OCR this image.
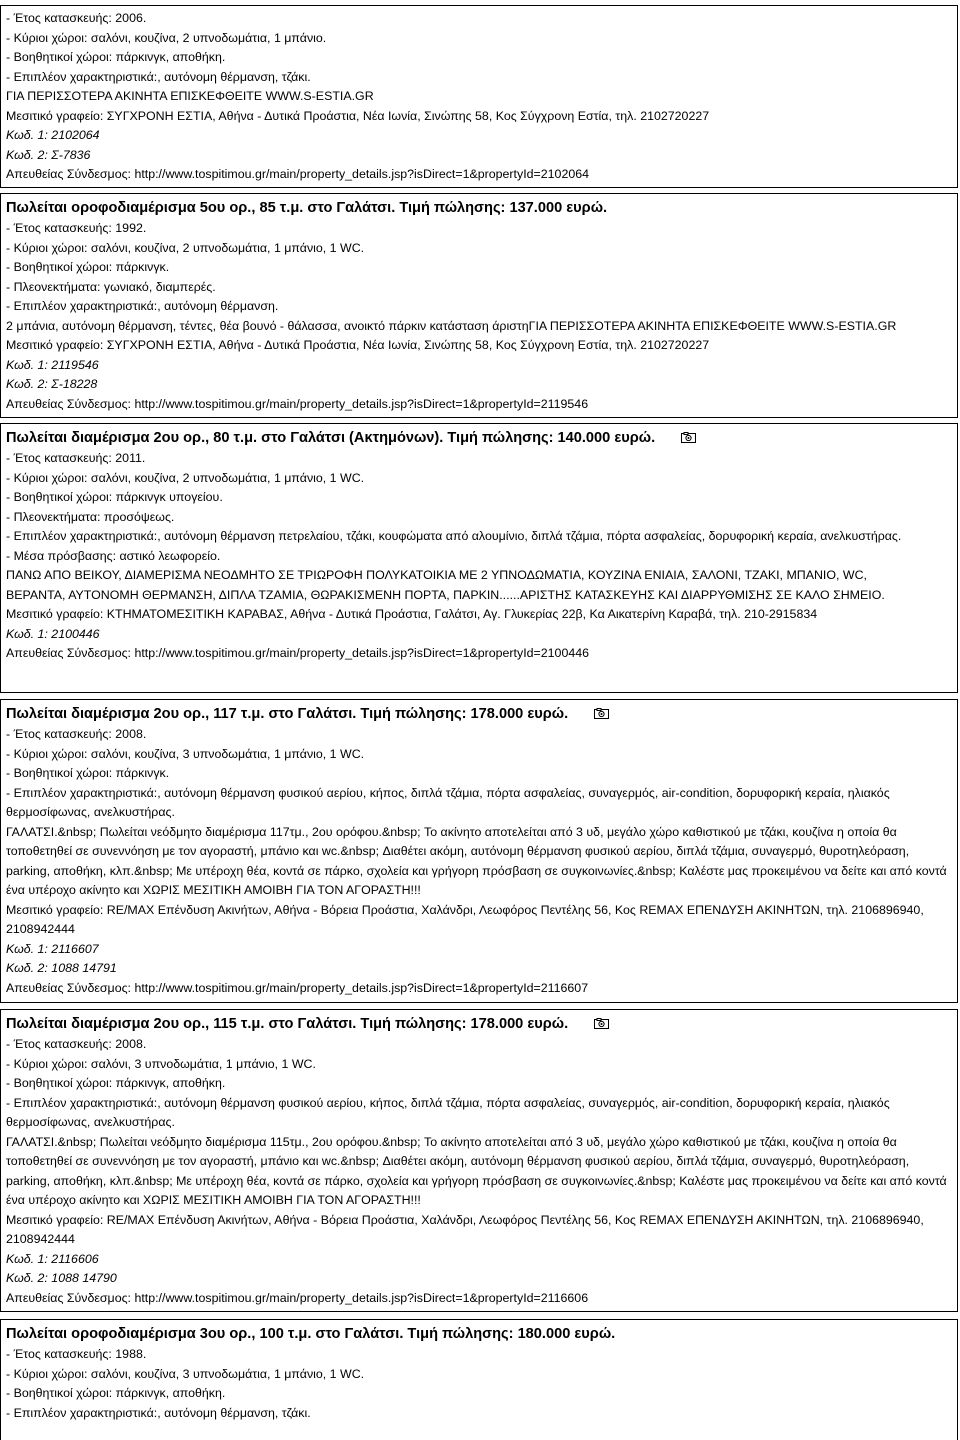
- Έτος κατασκευής: 2006.
- Κύριοι χώροι: σαλόνι, κουζίνα, 2 υπνοδωμάτια, 1 μπάνιο.
- Βοηθητικοί χώροι: πάρκινγκ, αποθήκη.
- Επιπλέον χαρακτηριστικά:, αυτόνομη θέρμανση, τζάκι.
ΓΙΑ ΠΕΡΙΣΣΟΤΕΡΑ ΑΚΙΝΗΤΑ ΕΠΙΣΚΕΦΘΕΙΤΕ WWW.S-ESTIA.GR
Μεσιτικό γραφείο: ΣΥΓΧΡΟΝΗ ΕΣΤΙΑ, Αθήνα - Δυτικά Προάστια, Νέα Ιωνία, Σινώπης 58, Κος Σύγχρονη Εστία, τηλ. 2102720227
Κωδ. 1: 2102064
Κωδ. 2: Σ-7836
Απευθείας Σύνδεσμος: http://www.tospitimou.gr/main/property_details.jsp?isDirect=1&propertyId=2102064
Πωλείται οροφοδιαμέρισμα 5ου ορ., 85 τ.μ. στο Γαλάτσι. Τιμή πώλησης: 137.000 ευρώ.
- Έτος κατασκευής: 1992.
- Κύριοι χώροι: σαλόνι, κουζίνα, 2 υπνοδωμάτια, 1 μπάνιο, 1 WC.
- Βοηθητικοί χώροι: πάρκινγκ.
- Πλεονεκτήματα: γωνιακό, διαμπερές.
- Επιπλέον χαρακτηριστικά:, αυτόνομη θέρμανση.
2 μπάνια, αυτόνομη θέρμανση, τέντες, θέα βουνό - θάλασσα, ανοικτό πάρκιν κατάσταση άριστηΓΙΑ ΠΕΡΙΣΣΟΤΕΡΑ ΑΚΙΝΗΤΑ ΕΠΙΣΚΕΦΘΕΙΤΕ WWW.S-ESTIA.GR
Μεσιτικό γραφείο: ΣΥΓΧΡΟΝΗ ΕΣΤΙΑ, Αθήνα - Δυτικά Προάστια, Νέα Ιωνία, Σινώπης 58, Κος Σύγχρονη Εστία, τηλ. 2102720227
Κωδ. 1: 2119546
Κωδ. 2: Σ-18228
Απευθείας Σύνδεσμος: http://www.tospitimou.gr/main/property_details.jsp?isDirect=1&propertyId=2119546
Πωλείται διαμέρισμα 2ου ορ., 80 τ.μ. στο Γαλάτσι (Ακτημόνων). Τιμή πώλησης: 140.000 ευρώ.
- Έτος κατασκευής: 2011.
- Κύριοι χώροι: σαλόνι, κουζίνα, 2 υπνοδωμάτια, 1 μπάνιο, 1 WC.
- Βοηθητικοί χώροι: πάρκινγκ υπογείου.
- Πλεονεκτήματα: προσόψεως.
- Επιπλέον χαρακτηριστικά:, αυτόνομη θέρμανση πετρελαίου, τζάκι, κουφώματα από αλουμίνιο, διπλά τζάμια, πόρτα ασφαλείας, δορυφορική κεραία, ανελκυστήρας.
- Μέσα πρόσβασης: αστικό λεωφορείο.
ΠΑΝΩ ΑΠΟ ΒΕΙΚΟΥ, ΔΙΑΜΕΡΙΣΜΑ ΝΕΟΔΜΗΤΟ ΣΕ ΤΡΙΩΡΟΦΗ ΠΟΛΥΚΑΤΟΙΚΙΑ ΜΕ 2 ΥΠΝΟΔΩΜΑΤΙΑ, ΚΟΥΖΙΝΑ ΕΝΙΑΙΑ, ΣΑΛΟΝΙ, ΤΖΑΚΙ, ΜΠΑΝΙΟ, WC,
ΒΕΡΑΝΤΑ, ΑΥΤΟΝΟΜΗ ΘΕΡΜΑΝΣΗ, ΔΙΠΛΑ ΤΖΑΜΙΑ, ΘΩΡΑΚΙΣΜΕΝΗ ΠΟΡΤΑ, ΠΑΡΚΙΝ......ΑΡΙΣΤΗΣ ΚΑΤΑΣΚΕΥΗΣ ΚΑΙ ΔΙΑΡΡΥΘΜΙΣΗΣ ΣΕ ΚΑΛΟ ΣΗΜΕΙΟ.
Μεσιτικό γραφείο: ΚΤΗΜΑΤΟΜΕΣΙΤΙΚΗ ΚΑΡΑΒΑΣ, Αθήνα - Δυτικά Προάστια, Γαλάτσι, Αγ. Γλυκερίας 22β, Κα Αικατερίνη Καραβά, τηλ. 210-2915834
Κωδ. 1: 2100446
Απευθείας Σύνδεσμος: http://www.tospitimou.gr/main/property_details.jsp?isDirect=1&propertyId=2100446
Πωλείται διαμέρισμα 2ου ορ., 117 τ.μ. στο Γαλάτσι. Τιμή πώλησης: 178.000 ευρώ.
- Έτος κατασκευής: 2008.
- Κύριοι χώροι: σαλόνι, κουζίνα, 3 υπνοδωμάτια, 1 μπάνιο, 1 WC.
- Βοηθητικοί χώροι: πάρκινγκ.
- Επιπλέον χαρακτηριστικά:, αυτόνομη θέρμανση φυσικού αερίου, κήπος, διπλά τζάμια, πόρτα ασφαλείας, συναγερμός, air-condition, δορυφορική κεραία, ηλιακός θερμοσίφωνας, ανελκυστήρας.
ΓΑΛΑΤΣΙ.&nbsp; Πωλείται νεόδμητο διαμέρισμα 117τμ., 2ου ορόφου.&nbsp; Το ακίνητο αποτελείται από 3 υδ, μεγάλο χώρο καθιστικού με τζάκι, κουζίνα η οποία θα τοποθετηθεί σε συνεννόηση με τον αγοραστή, μπάνιο και wc.&nbsp; Διαθέτει ακόμη, αυτόνομη θέρμανση φυσικού αερίου, διπλά τζάμια, συναγερμό, θυροτηλεόραση, parking, αποθήκη, κλπ.&nbsp; Με υπέροχη θέα, κοντά σε πάρκο, σχολεία και γρήγορη πρόσβαση σε συγκοινωνίες.&nbsp; Καλέστε μας προκειμένου να δείτε και από κοντά ένα υπέροχο ακίνητο και ΧΩΡΙΣ ΜΕΣΙΤΙΚΗ ΑΜΟΙΒΗ ΓΙΑ ΤΟΝ ΑΓΟΡΑΣΤΗ!!!
Μεσιτικό γραφείο: RE/MAX Επένδυση Ακινήτων, Αθήνα - Βόρεια Προάστια, Χαλάνδρι, Λεωφόρος Πεντέλης 56, Κος REMAX ΕΠΕΝΔΥΣΗ ΑΚΙΝΗΤΩΝ, τηλ. 2106896940, 2108942444
Κωδ. 1: 2116607
Κωδ. 2: 1088 14791
Απευθείας Σύνδεσμος: http://www.tospitimou.gr/main/property_details.jsp?isDirect=1&propertyId=2116607
Πωλείται διαμέρισμα 2ου ορ., 115 τ.μ. στο Γαλάτσι. Τιμή πώλησης: 178.000 ευρώ.
- Έτος κατασκευής: 2008.
- Κύριοι χώροι: σαλόνι, 3 υπνοδωμάτια, 1 μπάνιο, 1 WC.
- Βοηθητικοί χώροι: πάρκινγκ, αποθήκη.
- Επιπλέον χαρακτηριστικά:, αυτόνομη θέρμανση φυσικού αερίου, κήπος, διπλά τζάμια, πόρτα ασφαλείας, συναγερμός, air-condition, δορυφορική κεραία, ηλιακός θερμοσίφωνας, ανελκυστήρας.
ΓΑΛΑΤΣΙ.&nbsp; Πωλείται νεόδμητο διαμέρισμα 115τμ., 2ου ορόφου.&nbsp; Το ακίνητο αποτελείται από 3 υδ, μεγάλο χώρο καθιστικού με τζάκι, κουζίνα η οποία θα τοποθετηθεί σε συνεννόηση με τον αγοραστή, μπάνιο και wc.&nbsp; Διαθέτει ακόμη, αυτόνομη θέρμανση φυσικού αερίου, διπλά τζάμια, συναγερμό, θυροτηλεόραση, parking, αποθήκη, κλπ.&nbsp; Με υπέροχη θέα, κοντά σε πάρκο, σχολεία και γρήγορη πρόσβαση σε συγκοινωνίες.&nbsp; Καλέστε μας προκειμένου να δείτε και από κοντά ένα υπέροχο ακίνητο και ΧΩΡΙΣ ΜΕΣΙΤΙΚΗ ΑΜΟΙΒΗ ΓΙΑ ΤΟΝ ΑΓΟΡΑΣΤΗ!!!
Μεσιτικό γραφείο: RE/MAX Επένδυση Ακινήτων, Αθήνα - Βόρεια Προάστια, Χαλάνδρι, Λεωφόρος Πεντέλης 56, Κος REMAX ΕΠΕΝΔΥΣΗ ΑΚΙΝΗΤΩΝ, τηλ. 2106896940, 2108942444
Κωδ. 1: 2116606
Κωδ. 2: 1088 14790
Απευθείας Σύνδεσμος: http://www.tospitimou.gr/main/property_details.jsp?isDirect=1&propertyId=2116606
Πωλείται οροφοδιαμέρισμα 3ου ορ., 100 τ.μ. στο Γαλάτσι. Τιμή πώλησης: 180.000 ευρώ.
- Έτος κατασκευής: 1988.
- Κύριοι χώροι: σαλόνι, κουζίνα, 3 υπνοδωμάτια, 1 μπάνιο, 1 WC.
- Βοηθητικοί χώροι: πάρκινγκ, αποθήκη.
- Επιπλέον χαρακτηριστικά:, αυτόνομη θέρμανση, τζάκι.
